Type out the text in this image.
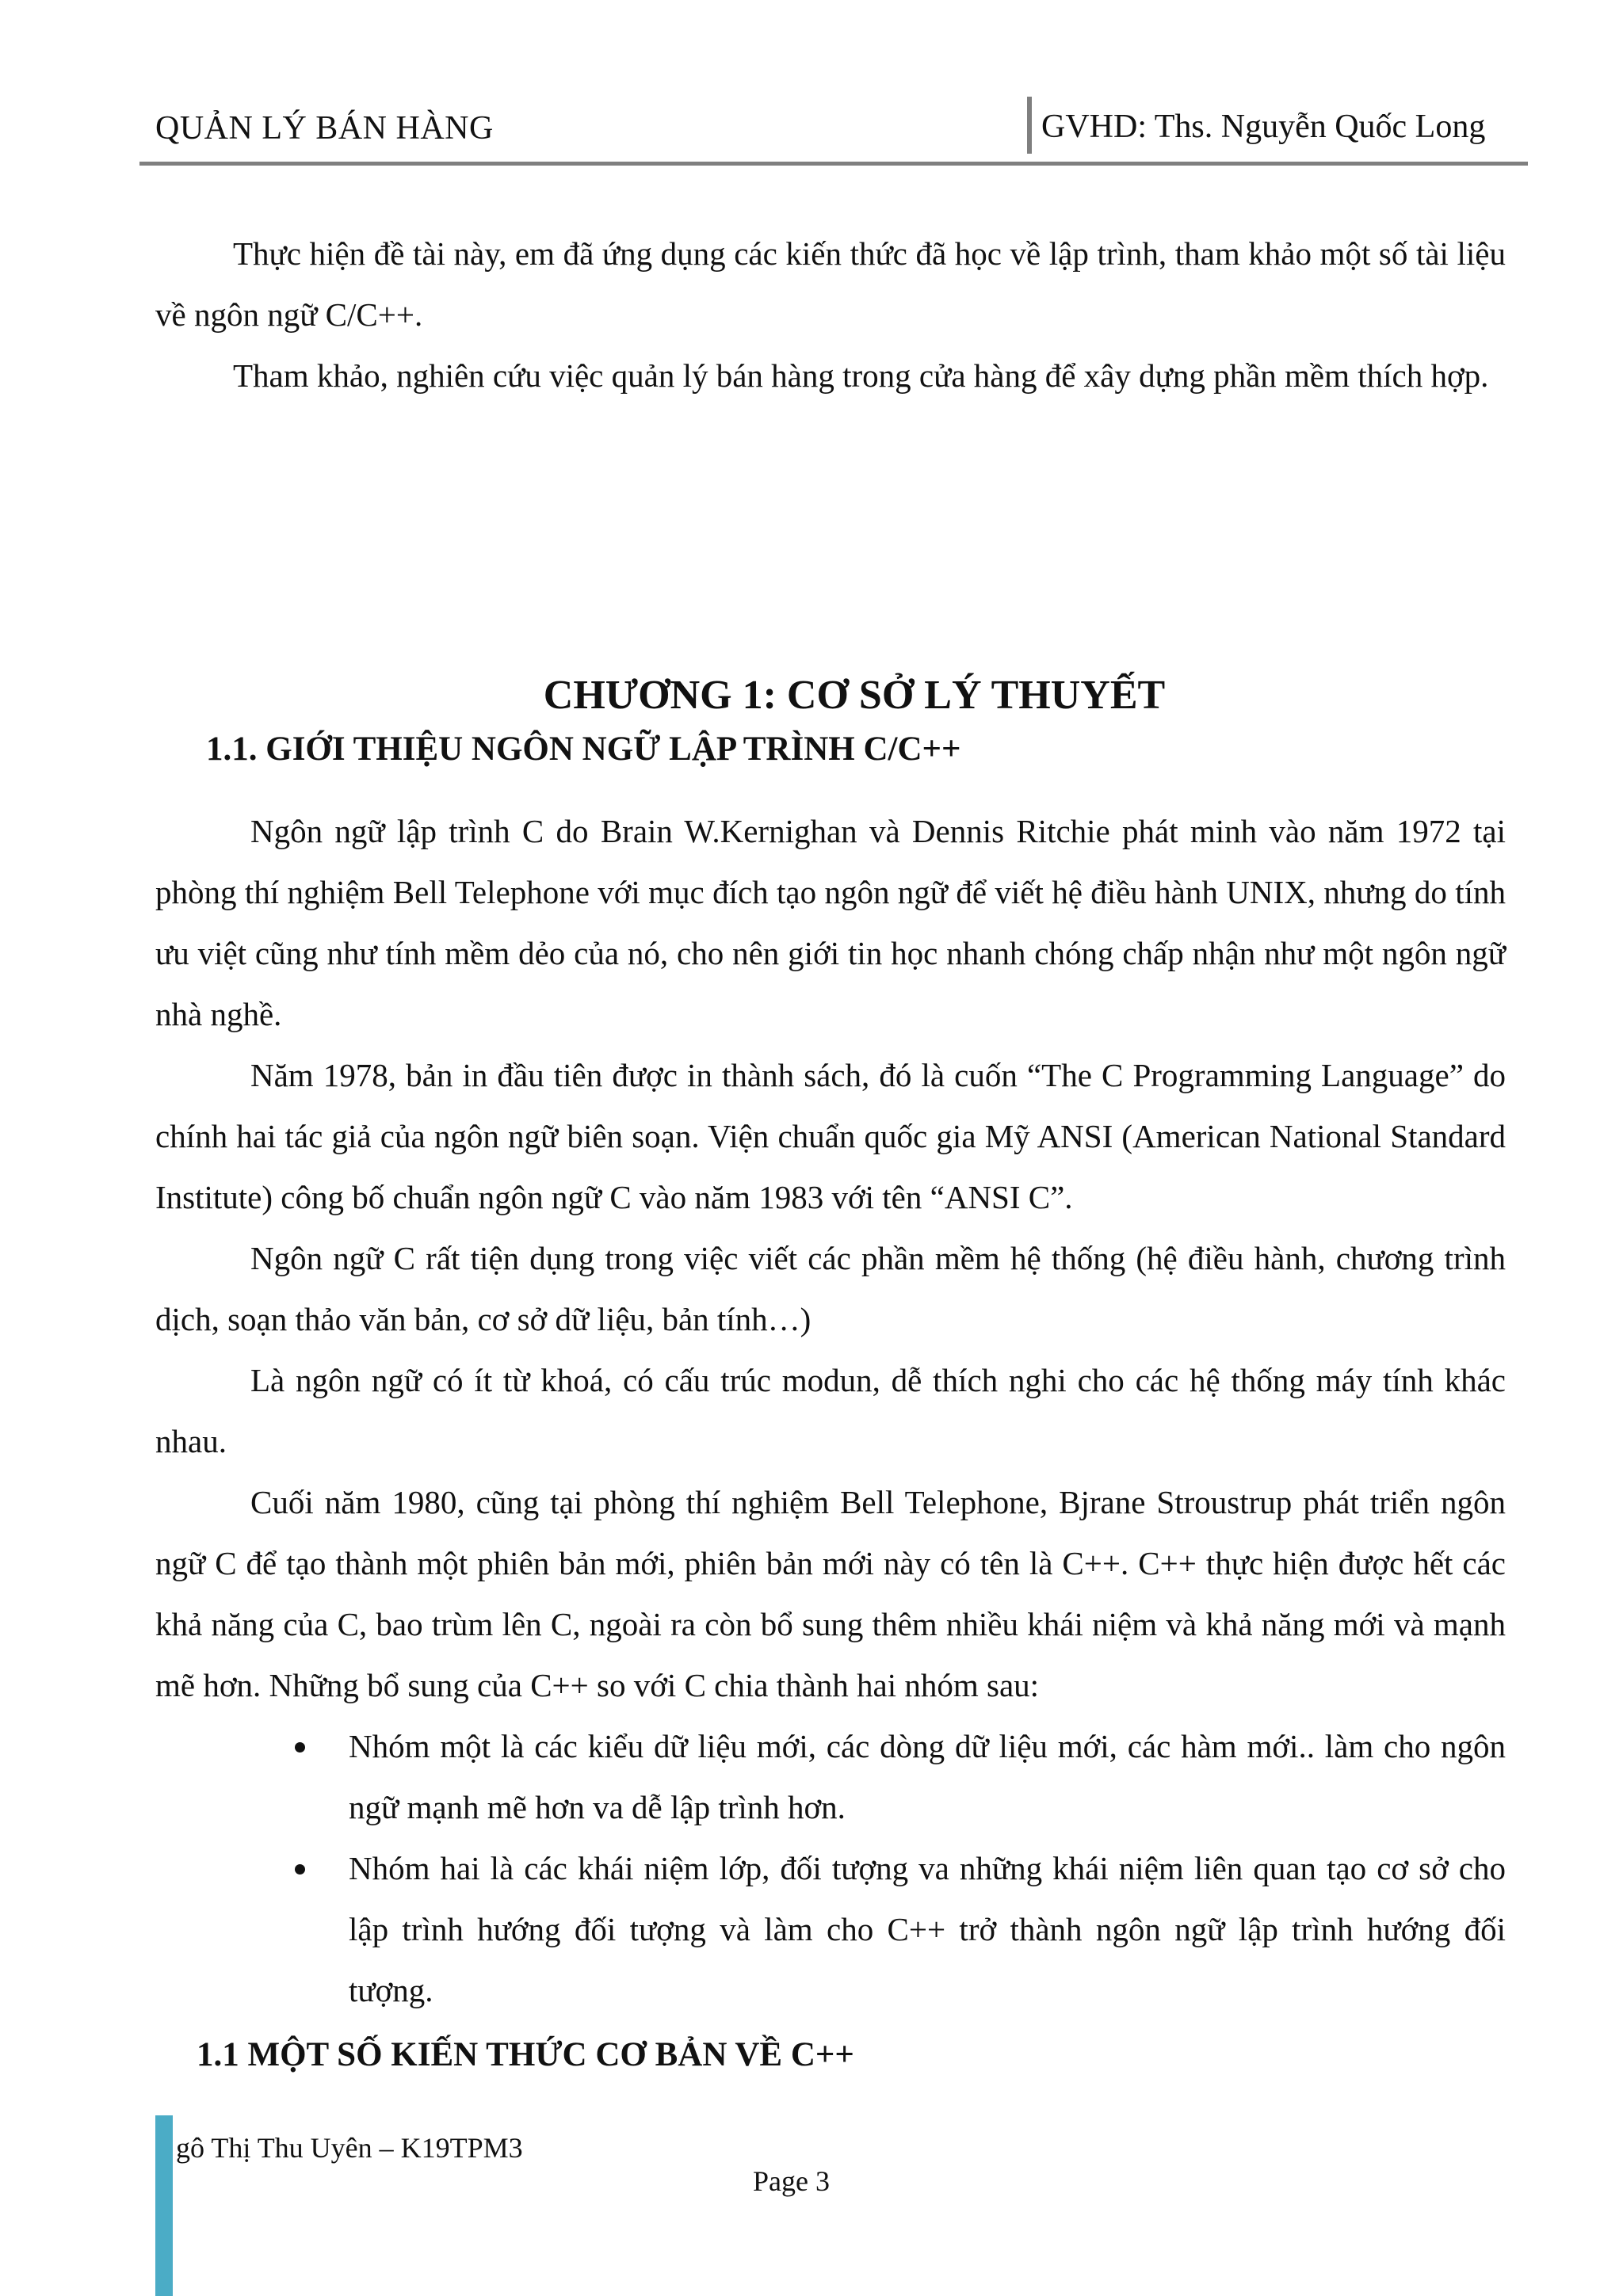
QUẢN LÝ BÁN HÀNG	GVHD: Ths. Nguyễn Quốc Long

Thực hiện đề tài này, em đã ứng dụng các kiến thức đã học về lập trình, tham khảo một số tài liệu về ngôn ngữ C/C++.

Tham khảo, nghiên cứu việc quản lý bán hàng trong cửa hàng để xây dựng phần mềm thích hợp.

CHƯƠNG 1: CƠ SỞ LÝ THUYẾT
1.1. GIỚI THIỆU NGÔN NGỮ LẬP TRÌNH C/C++

Ngôn ngữ lập trình C do Brain W.Kernighan và Dennis Ritchie phát minh vào năm 1972 tại phòng thí nghiệm Bell Telephone với mục đích tạo ngôn ngữ để viết hệ điều hành UNIX, nhưng do tính ưu việt cũng như tính mềm dẻo của nó, cho nên giới tin học nhanh chóng chấp nhận như một ngôn ngữ nhà nghề.

Năm 1978, bản in đầu tiên được in thành sách, đó là cuốn “The C Programming Language” do chính hai tác giả của ngôn ngữ biên soạn. Viện chuẩn quốc gia Mỹ ANSI (American National Standard Institute) công bố chuẩn ngôn ngữ C vào năm 1983 với tên “ANSI C”.

Ngôn ngữ C rất tiện dụng trong việc viết các phần mềm hệ thống (hệ điều hành, chương trình dịch, soạn thảo văn bản, cơ sở dữ liệu, bản tính…)

Là ngôn ngữ có ít từ khoá, có cấu trúc modun, dễ thích nghi cho các hệ thống máy tính khác nhau.

Cuối năm 1980, cũng tại phòng thí nghiệm Bell Telephone, Bjrane Stroustrup phát triển ngôn ngữ C để tạo thành một phiên bản mới, phiên bản mới này có tên là C++. C++ thực hiện được hết các khả năng của C, bao trùm lên C, ngoài ra còn bổ sung thêm nhiều khái niệm và khả năng mới và mạnh mẽ hơn. Những bổ sung của C++ so với C chia thành hai nhóm sau:

Nhóm một là các kiểu dữ liệu mới, các dòng dữ liệu mới, các hàm mới.. làm cho ngôn ngữ mạnh mẽ hơn va dễ lập trình hơn.
Nhóm hai là các khái niệm lớp, đối tượng va những khái niệm liên quan tạo cơ sở cho lập trình hướng đối tượng và làm cho C++ trở thành ngôn ngữ lập trình hướng đối tượng.
1.1 MỘT SỐ KIẾN THỨC CƠ BẢN VỀ C++
gô Thị Thu Uyên – K19TPM3
Page 3
